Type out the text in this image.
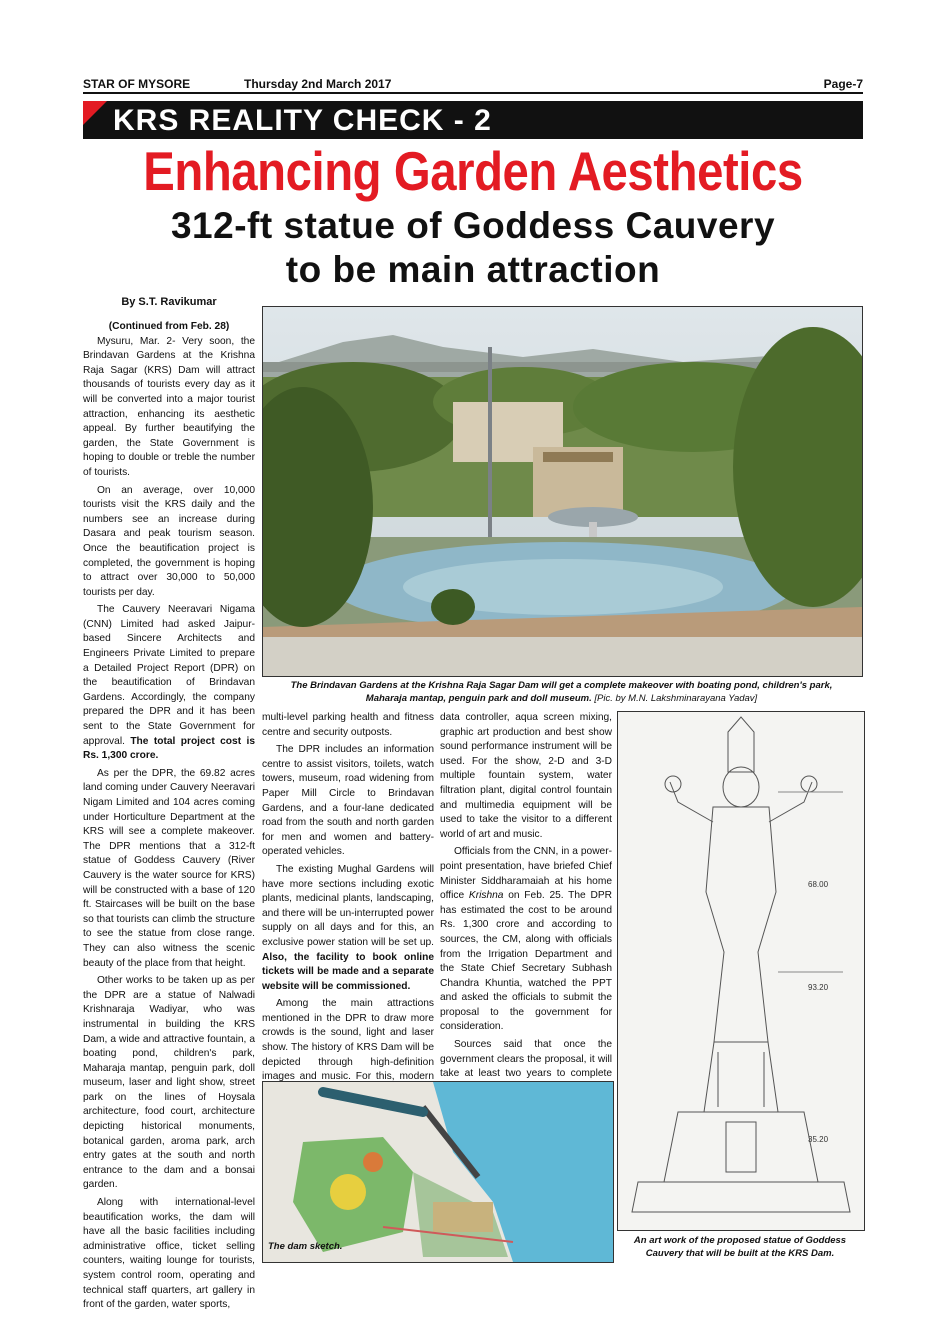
STAR OF MYSORE	Thursday 2nd March 2017	Page-7
KRS REALITY CHECK - 2
Enhancing Garden Aesthetics
312-ft statue of Goddess Cauvery
to be main attraction
By S.T. Ravikumar

(Continued from Feb. 28)

Mysuru, Mar. 2- Very soon, the Brindavan Gardens at the Krishna Raja Sagar (KRS) Dam will attract thousands of tourists every day as it will be converted into a major tourist attraction, enhancing its aesthetic appeal. By further beautifying the garden, the State Government is hoping to double or treble the number of tourists.

On an average, over 10,000 tourists visit the KRS daily and the numbers see an increase during Dasara and peak tourism season. Once the beautification project is completed, the government is hoping to attract over 30,000 to 50,000 tourists per day.

The Cauvery Neeravari Nigama (CNN) Limited had asked Jaipur-based Sincere Architects and Engineers Private Limited to prepare a Detailed Project Report (DPR) on the beautification of Brindavan Gardens. Accordingly, the company prepared the DPR and it has been sent to the State Government for approval. The total project cost is Rs. 1,300 crore.

As per the DPR, the 69.82 acres land coming under Cauvery Neeravari Nigam Limited and 104 acres coming under Horticulture Department at the KRS will see a complete makeover. The DPR mentions that a 312-ft statue of Goddess Cauvery (River Cauvery is the water source for KRS) will be constructed with a base of 120 ft. Staircases will be built on the base so that tourists can climb the structure to see the statue from close range. They can also witness the scenic beauty of the place from that height.

Other works to be taken up as per the DPR are a statue of Nalwadi Krishnaraja Wadiyar, who was instrumental in building the KRS Dam, a wide and attractive fountain, a boating pond, children's park, Maharaja mantap, penguin park, doll museum, laser and light show, street park on the lines of Hoysala architecture, food court, architecture depicting historical monuments, botanical garden, aroma park, arch entry gates at the south and north entrance to the dam and a bonsai garden.

Along with international-level beautification works, the dam will have all the basic facilities including administrative office, ticket selling counters, waiting lounge for tourists, system control room, operating and technical staff quarters, art gallery in front of the garden, water sports,

The Brindavan Gardens at the Krishna Raja Sagar Dam will get a complete makeover with boating pond, children's park,
Maharaja mantap, penguin park and doll museum. [Pic. by M.N. Lakshminarayana Yadav]

multi-level parking health and fitness centre and security outposts.

The DPR includes an information centre to assist visitors, toilets, watch towers, museum, road widening from Paper Mill Circle to Brindavan Gardens, and a four-lane dedicated road from the south and north garden for men and women and battery-operated vehicles.

The existing Mughal Gardens will have more sections including exotic plants, medicinal plants, landscaping, and there will be un-interrupted power supply on all days and for this, an exclusive power station will be set up. Also, the facility to book online tickets will be made and a separate website will be commissioned.

Among the main attractions mentioned in the DPR to draw more crowds is the sound, light and laser show. The history of KRS Dam will be depicted through high-definition images and music. For this, modern

data controller, aqua screen mixing, graphic art production and best show sound performance instrument will be used. For the show, 2-D and 3-D multiple fountain system, water filtration plant, digital control fountain and multimedia equipment will be used to take the visitor to a different world of art and music.

Officials from the CNN, in a power-point presentation, have briefed Chief Minister Siddharamaiah at his home office Krishna on Feb. 25. The DPR has estimated the cost to be around Rs. 1,300 crore and according to sources, the CM, along with officials from the Irrigation Department and the State Chief Secretary Subhash Chandra Khuntia, watched the PPT and asked the officials to submit the proposal to the government for consideration.

Sources said that once the government clears the proposal, it will take at least two years to complete

The dam sketch.
68.00
93.20
35.20
An art work of the proposed statue of Goddess
Cauvery that will be built at the KRS Dam.
